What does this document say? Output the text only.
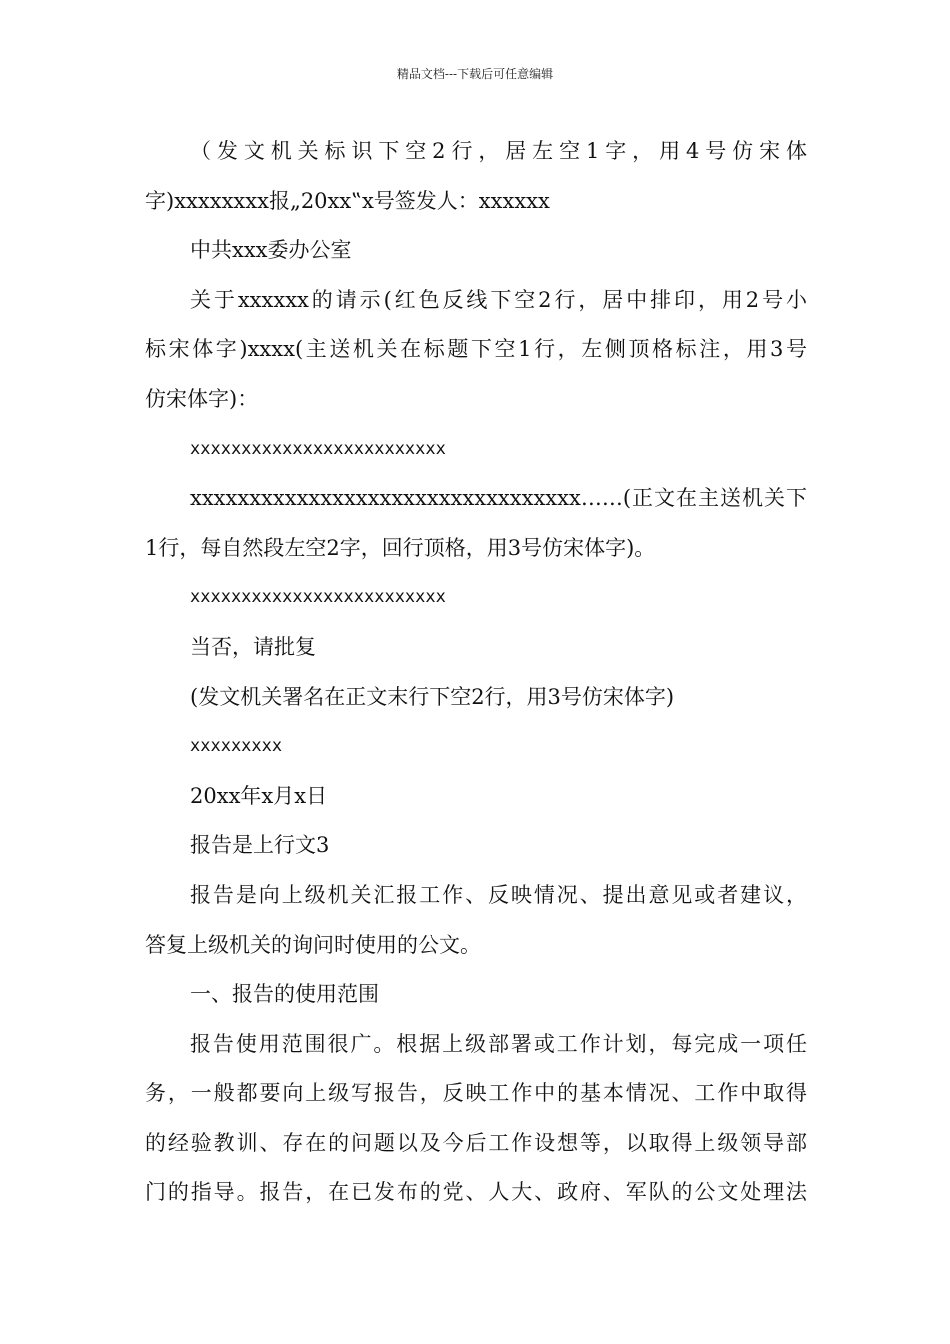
精品文档---下载后可任意编辑
（发文机关标识下空2行，居左空1字，用4号仿宋体
字)xxxxxxxx报„20xx‟x号签发人：xxxxxx
中共xxx委办公室
关于xxxxxx的请示(红色反线下空2行，居中排印，用2号小
标宋体字)xxxx(主送机关在标题下空1行，左侧顶格标注，用3号
仿宋体字)：
xxxxxxxxxxxxxxxxxxxxxxxxx
xxxxxxxxxxxxxxxxxxxxxxxxxxxxxxxxx……(正文在主送机关下
1行，每自然段左空2字，回行顶格，用3号仿宋体字)。
xxxxxxxxxxxxxxxxxxxxxxxxx
当否，请批复
(发文机关署名在正文末行下空2行，用3号仿宋体字)
xxxxxxxxx
20xx年x月x日
报告是上行文3
报告是向上级机关汇报工作、反映情况、提出意见或者建议，
答复上级机关的询问时使用的公文。
一、报告的使用范围
报告使用范围很广。根据上级部署或工作计划，每完成一项任
务，一般都要向上级写报告，反映工作中的基本情况、工作中取得
的经验教训、存在的问题以及今后工作设想等，以取得上级领导部
门的指导。报告，在已发布的党、人大、政府、军队的公文处理法
